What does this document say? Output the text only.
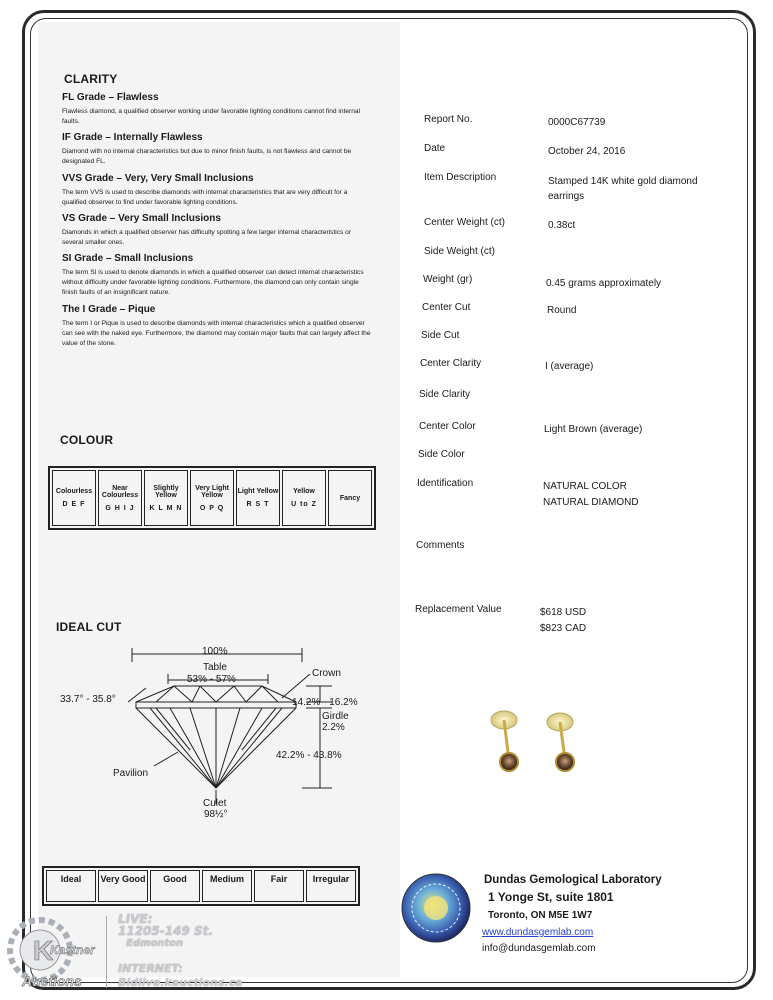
CLARITY
FL Grade – Flawless
Flawless diamond, a qualified observer working under favorable lighting conditions cannot find internal faults.
IF Grade – Internally Flawless
Diamond with no internal characteristics but due to minor finish faults, is not flawless and cannot be designated FL.
VVS Grade – Very, Very Small Inclusions
The term VVS is used to describe diamonds with internal characteristics that are very difficult for a qualified observer to find under favorable lighting conditions.
VS Grade – Very Small Inclusions
Diamonds in which a qualified observer has difficulty spotting a few larger internal characteristics or several smaller ones.
SI Grade – Small Inclusions
The term SI is used to denote diamonds in which a qualified observer can detect internal characteristics without difficulty under favorable lighting conditions. Furthermore, the diamond can only contain single finish faults of an insignificant nature.
The I Grade – Pique
The term I or Pique is used to describe diamonds with internal characteristics which a qualified observer can see with the naked eye. Furthermore, the diamond may contain major faults that can largely affect the value of the stone.
COLOUR
Colourless
D E F

Near Colourless
G H I J

Slightly Yellow
K L M N

Very Light Yellow
O P Q

Light Yellow
R S T

Yellow
U to Z

Fancy
IDEAL CUT
100%
Table
53% - 57%
Crown
33.7° - 35.8°	14.2% - 16.2%
Girdle
2.2%
42.2% - 43.8%
Pavilion
Culet
98½°
Ideal	Very Good	Good	Medium	Fair	Irregular
Report No.	0000C67739
Date	October 24, 2016
Item Description	Stamped 14K white gold diamond earrings
Center Weight (ct)	0.38ct
Side Weight (ct)
Weight (gr)	0.45 grams approximately
Center Cut	Round
Side Cut
Center Clarity	I (average)
Side Clarity
Center Color	Light Brown (average)
Side Color
Identification	NATURAL COLOR
NATURAL DIAMOND
Comments
Replacement Value	$618 USD
$823 CAD
Dundas Gemological Laboratory
1 Yonge St, suite 1801
Toronto, ON M5E 1W7
www.dundasgemlab.com
info@dundasgemlab.com
K
Kastner
Auctions
LIVE:
11205-149 St.
Edmonton
INTERNET:
Bidlive.kauctions.ca
